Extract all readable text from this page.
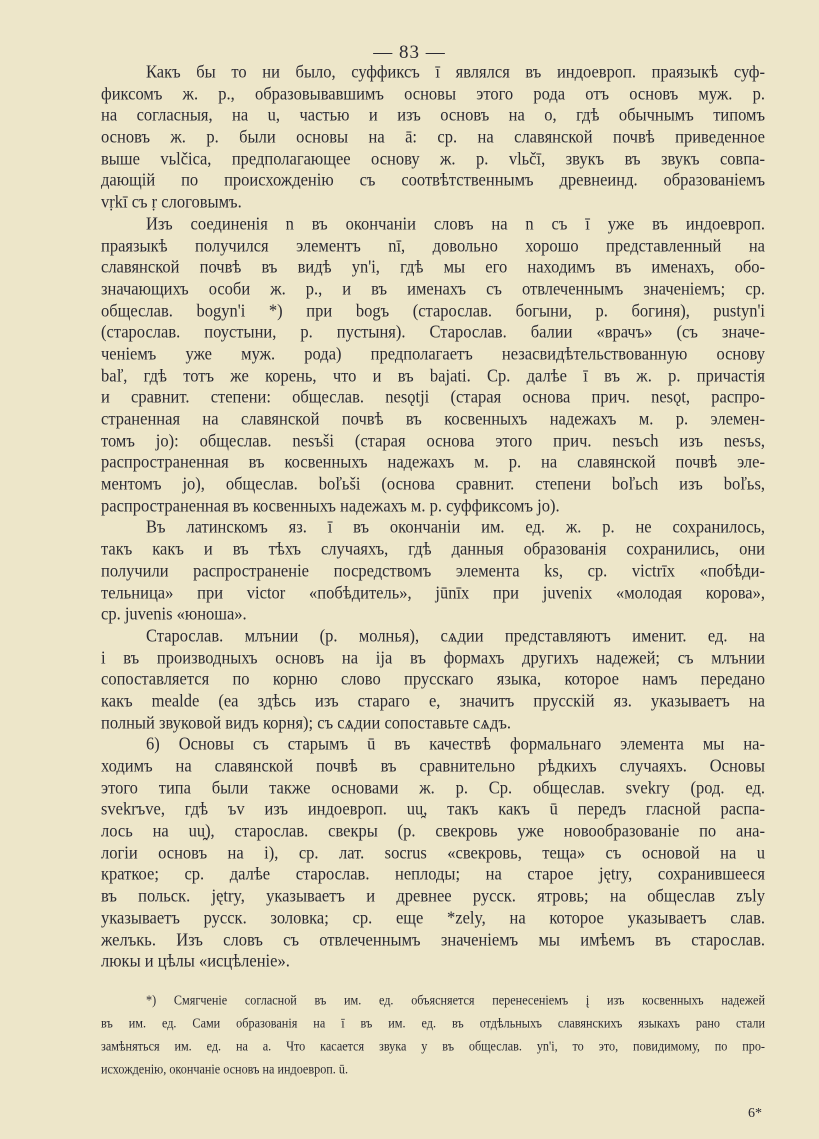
— 83 —
Какъ бы то ни было, суффиксъ ī являлся въ индоевроп. праязыкѣ суф-
фиксомъ ж. р., образовывавшимъ основы этого рода отъ основъ муж. р.
на согласныя, на u, частью и изъ основъ на o, гдѣ обычнымъ типомъ
основъ ж. р. были основы на ā: ср. на славянской почвѣ приведенное
выше vьlčica, предполагающее основу ж. р. vlьčī, звукъ въ звукъ совпа-
дающiй по происхожденiю съ соотвѣтственнымъ древнеинд. образованiемъ
vṛkī съ ṛ слоговымъ.
Изъ соединенiя n въ окончанiи словъ на n съ ī уже въ индоевроп.
праязыкѣ получился элементъ nī, довольно хорошо представленный на
славянской почвѣ въ видѣ yn'i, гдѣ мы его находимъ въ именахъ, обо-
значающихъ особи ж. р., и въ именахъ съ отвлеченнымъ значенiемъ; ср.
общеслав. bogyn'i *) при bogъ (старослав. богыни, р. богиня), pustyn'i
(старослав. поустыни, р. пустыня). Старослав. балии «врачъ» (съ значе-
ченiемъ уже муж. рода) предполагаетъ незасвидѣтельствованную основу
baľ, гдѣ тотъ же корень, что и въ bajati. Ср. далѣе ī въ ж. р. причастiя
и сравнит. степени: общеслав. nesǫtji (старая основа прич. nesǫt, распро-
страненная на славянской почвѣ въ косвенныхъ надежахъ м. р. элемен-
томъ jo): общеслав. nesъši (старая основа этого прич. nesъch изъ nesъs,
распространенная въ косвенныхъ надежахъ м. р. на славянской почвѣ эле-
ментомъ jo), общеслав. boľьši (основа сравнит. степени boľьch изъ boľьs,
распространенная въ косвенныхъ надежахъ м. р. суффиксомъ jo).
Въ латинскомъ яз. ī въ окончанiи им. ед. ж. р. не сохранилось,
такъ какъ и въ тѣхъ случаяхъ, гдѣ данныя образованiя сохранились, они
получили распространенiе посредствомъ элемента ks, ср. victrīx «побѣди-
тельница» при victor «побѣдитель», jūnīx при juvenix «молодая корова»,
ср. juvenis «юноша».
Старослав. млънии (р. молнья), сѧдии представляютъ именит. ед. на
i въ производныхъ основъ на ija въ формахъ другихъ надежей; съ млънии
сопоставляется по корню слово прусскаго языка, которое намъ передано
какъ mealde (ea здѣсь изъ стараго e, значитъ прусскiй яз. указываетъ на
полный звуковой видъ корня); съ сѧдии сопоставьте сѧдъ.
6) Основы съ старымъ ū въ качествѣ формальнаго элемента мы на-
ходимъ на славянской почвѣ въ сравнительно рѣдкихъ случаяхъ. Основы
этого типа были также основами ж. р. Ср. общеслав. svekry (род. ед.
svekrъve, гдѣ ъv изъ индоевроп. uu̯, такъ какъ ū передъ гласной распа-
лось на uu̯), старослав. свекры (р. свекровь уже новообразованiе по ана-
логiи основъ на i), ср. лат. socrus «свекровь, теща» съ основой на u
краткое; ср. далѣе старослав. неплоды; на старое jętry, сохранившееся
въ польск. jętry, указываетъ и древнее русск. ятровь; на общеслав zъly
указываетъ русск. золовка; ср. еще *zely, на которое указываетъ слав.
желъкь. Изъ словъ съ отвлеченнымъ значенiемъ мы имѣемъ въ старослав.
люкы и цѣлы «исцѣленiе».
*) Смягченiе согласной въ им. ед. объясняется перенесенiемъ į изъ косвенныхъ надежей
въ им. ед. Сами образованiя на ī въ им. ед. въ отдѣльныхъ славянскихъ языкахъ рано стали
замѣняться им. ед. на a. Что касается звука y въ общеслав. yn'i, то это, повидимому, по про-
исхожденiю, окончанiе основъ на индоевроп. ū.
6*
